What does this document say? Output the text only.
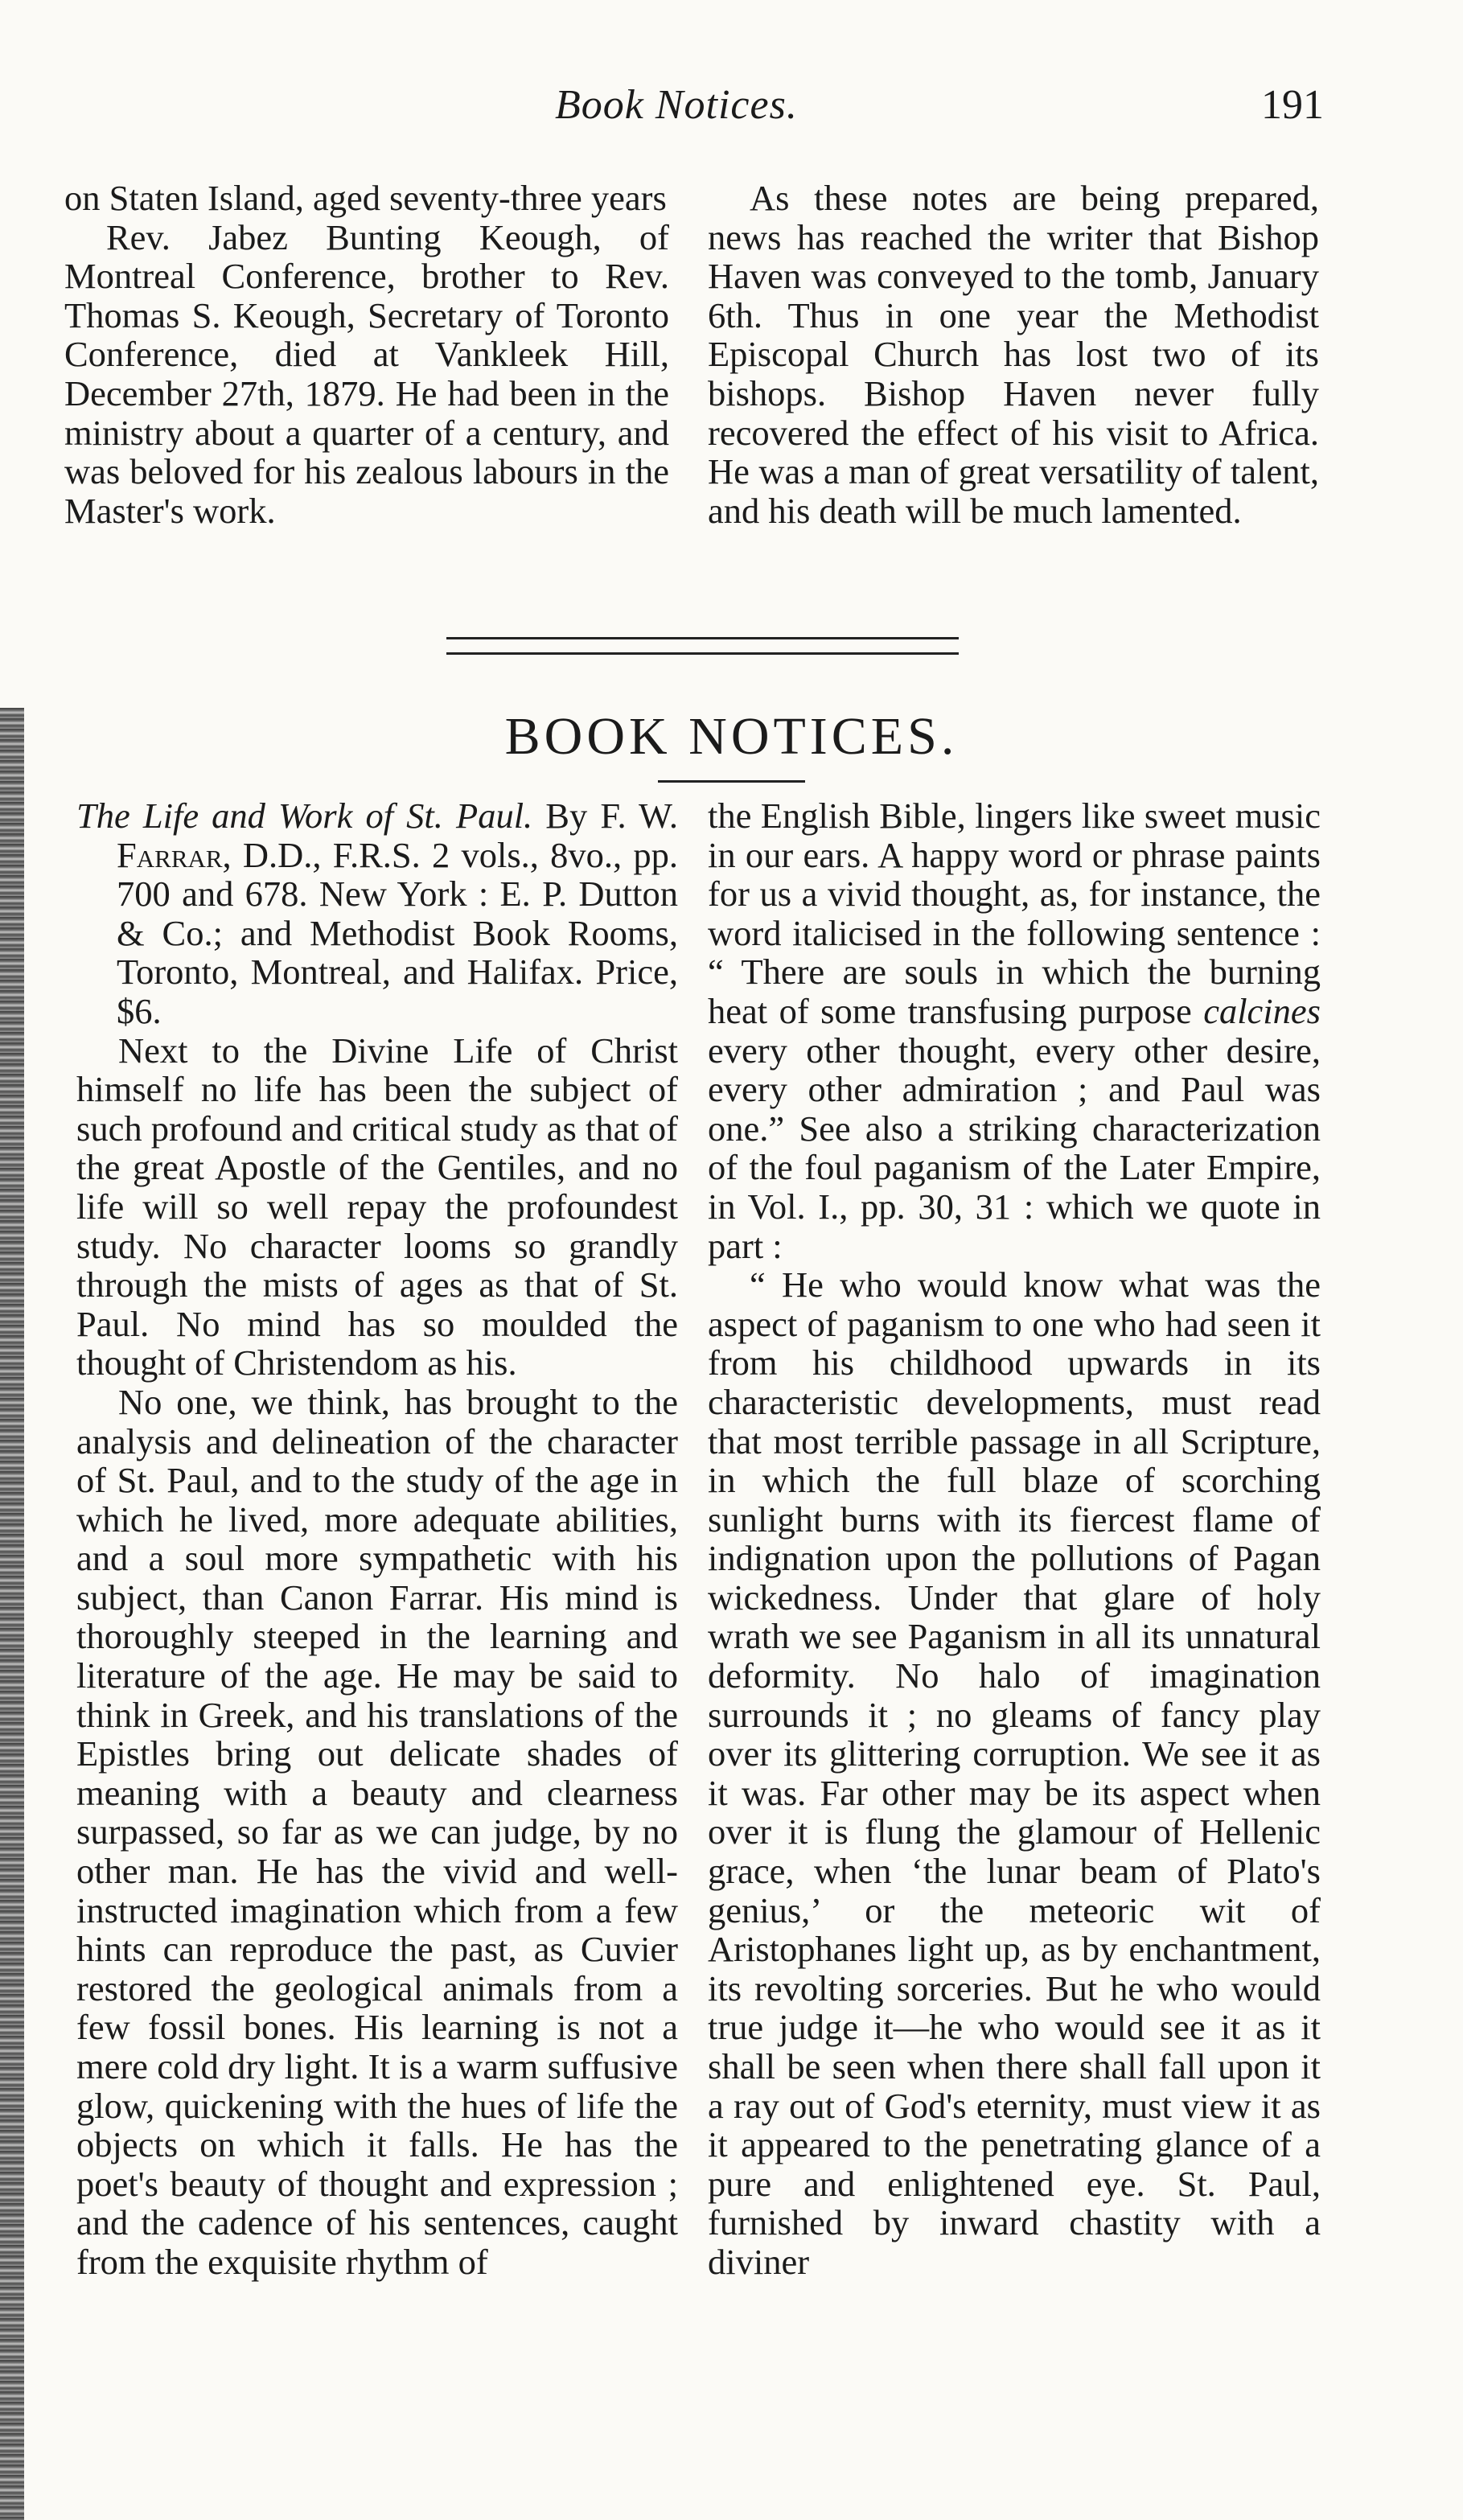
Book Notices.	191

on Staten Island, aged seventy-three years

Rev. Jabez Bunting Keough, of Montreal Conference, brother to Rev. Thomas S. Keough, Secretary of Toronto Conference, died at Vankleek Hill, December 27th, 1879. He had been in the ministry about a quarter of a century, and was beloved for his zealous labours in the Master's work.

As these notes are being prepared, news has reached the writer that Bishop Haven was conveyed to the tomb, January 6th. Thus in one year the Methodist Episcopal Church has lost two of its bishops. Bishop Haven never fully recovered the effect of his visit to Africa. He was a man of great versatility of talent, and his death will be much lamented.

BOOK NOTICES.

The Life and Work of St. Paul. By F. W. Farrar, D.D., F.R.S. 2 vols., 8vo., pp. 700 and 678. New York : E. P. Dutton & Co.; and Methodist Book Rooms, Toronto, Montreal, and Halifax. Price, $6.

Next to the Divine Life of Christ himself no life has been the subject of such profound and critical study as that of the great Apostle of the Gentiles, and no life will so well repay the profoundest study. No character looms so grandly through the mists of ages as that of St. Paul. No mind has so moulded the thought of Christendom as his.

No one, we think, has brought to the analysis and delineation of the character of St. Paul, and to the study of the age in which he lived, more adequate abilities, and a soul more sympathetic with his subject, than Canon Farrar. His mind is thoroughly steeped in the learning and literature of the age. He may be said to think in Greek, and his translations of the Epistles bring out delicate shades of meaning with a beauty and clearness surpassed, so far as we can judge, by no other man. He has the vivid and well-instructed imagination which from a few hints can reproduce the past, as Cuvier restored the geological animals from a few fossil bones. His learning is not a mere cold dry light. It is a warm suffusive glow, quickening with the hues of life the objects on which it falls. He has the poet's beauty of thought and expression ; and the cadence of his sentences, caught from the exquisite rhythm of

the English Bible, lingers like sweet music in our ears. A happy word or phrase paints for us a vivid thought, as, for instance, the word italicised in the following sentence : “ There are souls in which the burning heat of some transfusing purpose calcines every other thought, every other desire, every other admiration ; and Paul was one.” See also a striking characterization of the foul paganism of the Later Empire, in Vol. I., pp. 30, 31 : which we quote in part :

“ He who would know what was the aspect of paganism to one who had seen it from his childhood upwards in its characteristic developments, must read that most terrible passage in all Scripture, in which the full blaze of scorching sunlight burns with its fiercest flame of indignation upon the pollutions of Pagan wickedness. Under that glare of holy wrath we see Paganism in all its unnatural deformity. No halo of imagination surrounds it ; no gleams of fancy play over its glittering corruption. We see it as it was. Far other may be its aspect when over it is flung the glamour of Hellenic grace, when ‘the lunar beam of Plato's genius,’ or the meteoric wit of Aristophanes light up, as by enchantment, its revolting sorceries. But he who would true judge it—he who would see it as it shall be seen when there shall fall upon it a ray out of God's eternity, must view it as it appeared to the penetrating glance of a pure and enlightened eye. St. Paul, furnished by inward chastity with a diviner
